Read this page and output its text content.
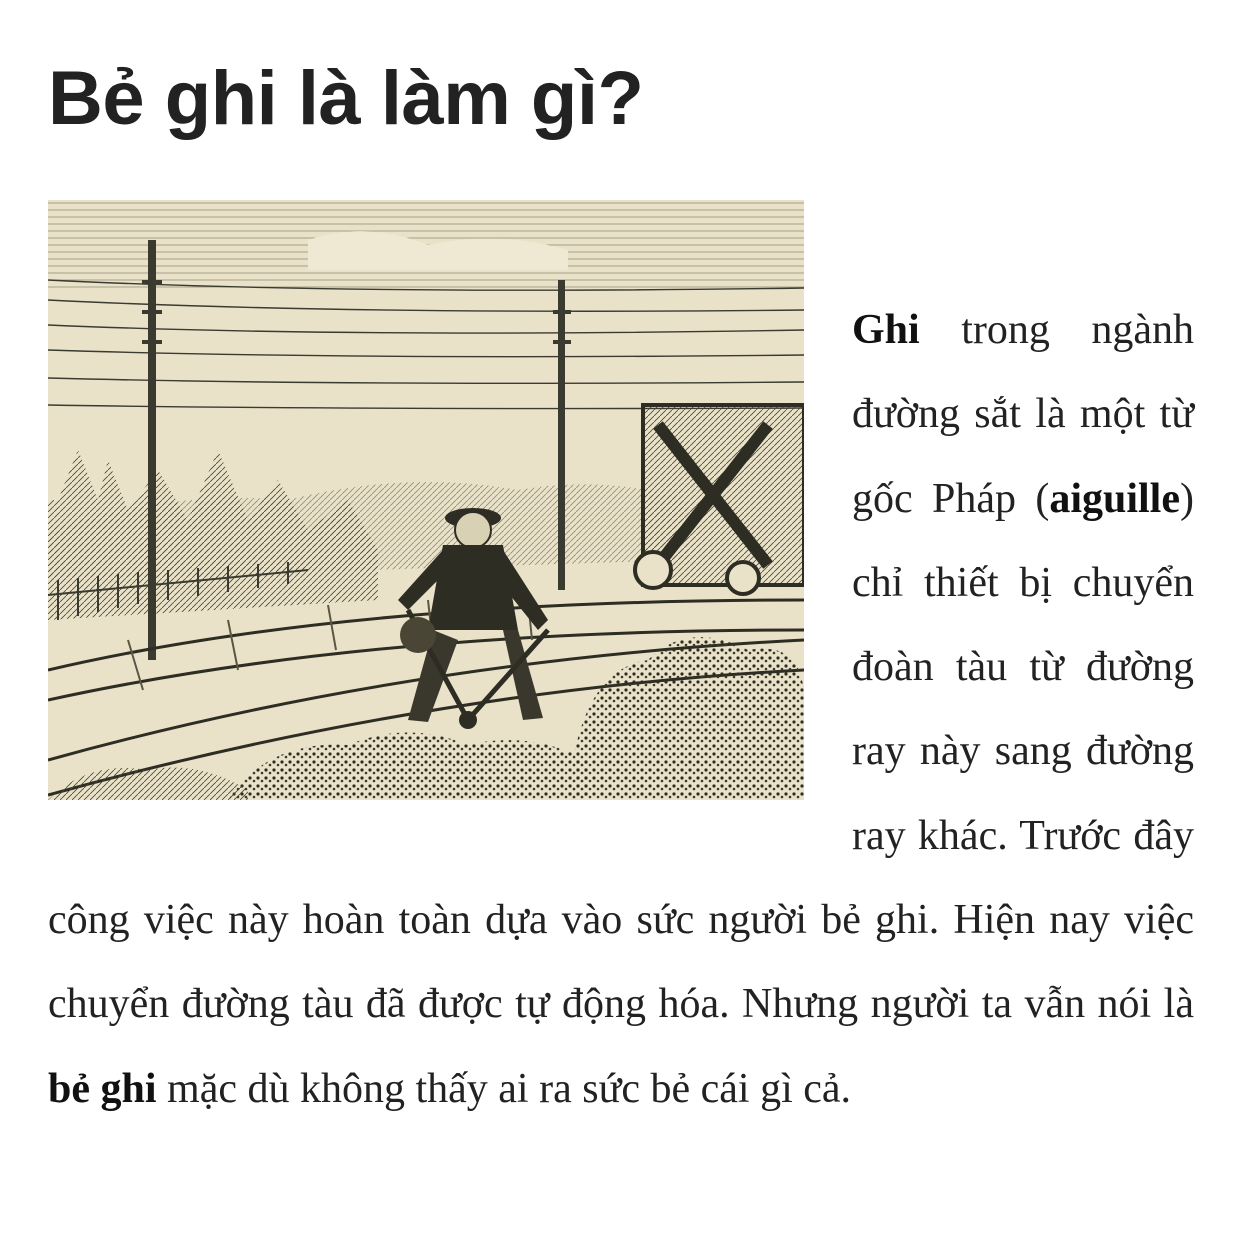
Bẻ ghi là làm gì?
Ghi trong ngành đường sắt là một từ gốc Pháp (aiguille) chỉ thiết bị chuyển đoàn tàu từ đường ray này sang đường ray khác. Trước đây công việc này hoàn toàn dựa vào sức người bẻ ghi. Hiện nay việc chuyển đường tàu đã được tự động hóa. Nhưng người ta vẫn nói là bẻ ghi mặc dù không thấy ai ra sức bẻ cái gì cả.
